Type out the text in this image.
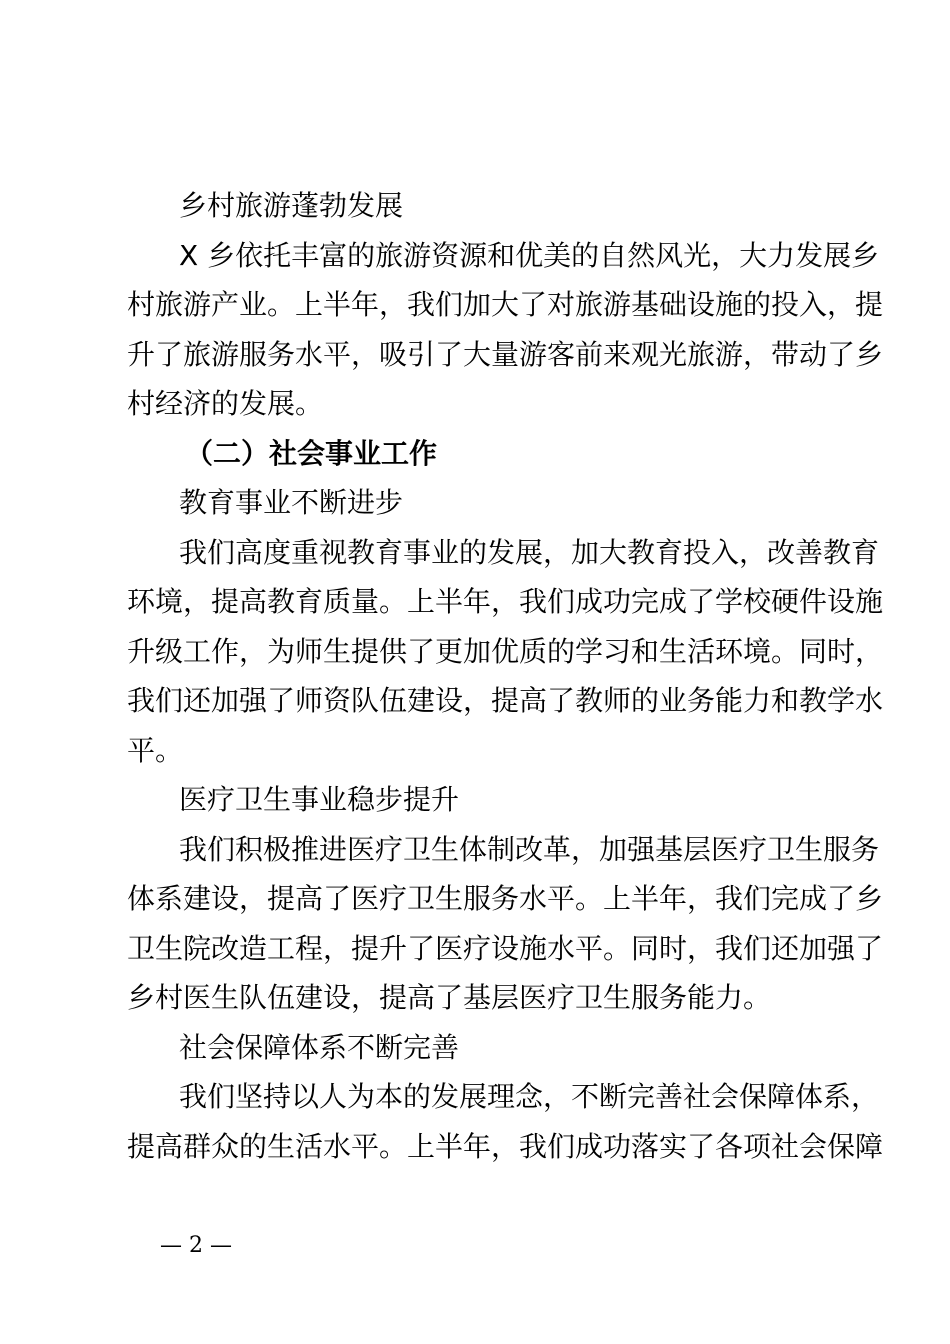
乡村旅游蓬勃发展
X 乡依托丰富的旅游资源和优美的自然风光，大力发展乡
村旅游产业。上半年，我们加大了对旅游基础设施的投入，提
升了旅游服务水平，吸引了大量游客前来观光旅游，带动了乡
村经济的发展。
（二）社会事业工作
教育事业不断进步
我们高度重视教育事业的发展，加大教育投入，改善教育
环境，提高教育质量。上半年，我们成功完成了学校硬件设施
升级工作，为师生提供了更加优质的学习和生活环境。同时，
我们还加强了师资队伍建设，提高了教师的业务能力和教学水
平。
医疗卫生事业稳步提升
我们积极推进医疗卫生体制改革，加强基层医疗卫生服务
体系建设，提高了医疗卫生服务水平。上半年，我们完成了乡
卫生院改造工程，提升了医疗设施水平。同时，我们还加强了
乡村医生队伍建设，提高了基层医疗卫生服务能力。
社会保障体系不断完善
我们坚持以人为本的发展理念，不断完善社会保障体系，
提高群众的生活水平。上半年，我们成功落实了各项社会保障
— 2 —
